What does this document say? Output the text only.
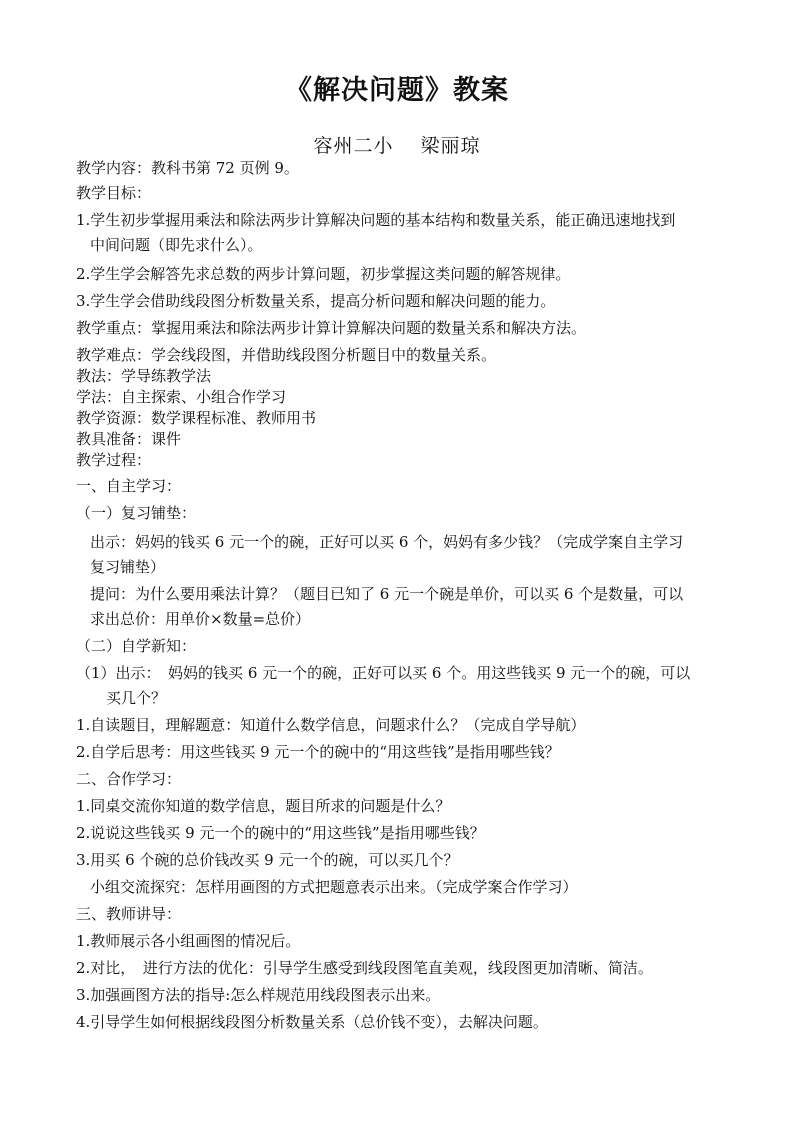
《解决问题》教案
容州二小　 梁丽琼

教学内容：教科书第 72 页例 9。

教学目标：

1.学生初步掌握用乘法和除法两步计算解决问题的基本结构和数量关系，能正确迅速地找到

中间问题（即先求什么）。

2.学生学会解答先求总数的两步计算问题，初步掌握这类问题的解答规律。

3.学生学会借助线段图分析数量关系，提高分析问题和解决问题的能力。

教学重点：掌握用乘法和除法两步计算计算解决问题的数量关系和解决方法。

教学难点：学会线段图，并借助线段图分析题目中的数量关系。

教法：学导练教学法

学法：自主探索、小组合作学习

教学资源：数学课程标准、教师用书

教具准备：课件

教学过程：

一、自主学习：

（一）复习铺垫：

出示：妈妈的钱买 6 元一个的碗，正好可以买 6 个，妈妈有多少钱？（完成学案自主学习

复习铺垫）

提问：为什么要用乘法计算？（题目已知了 6 元一个碗是单价，可以买 6 个是数量，可以

求出总价：用单价×数量=总价）

（二）自学新知：

（1）出示：　妈妈的钱买 6 元一个的碗，正好可以买 6 个。用这些钱买 9 元一个的碗，可以

买几个？

1.自读题目，理解题意：知道什么数学信息，问题求什么？（完成自学导航）

2.自学后思考：用这些钱买 9 元一个的碗中的“用这些钱”是指用哪些钱？

二、合作学习：

1.同桌交流你知道的数学信息，题目所求的问题是什么？

2.说说这些钱买 9 元一个的碗中的“用这些钱”是指用哪些钱？

3.用买 6 个碗的总价钱改买 9 元一个的碗，可以买几个？

小组交流探究：怎样用画图的方式把题意表示出来。（完成学案合作学习）

三、教师讲导：

1.教师展示各小组画图的情况后。

2.对比，　进行方法的优化：引导学生感受到线段图笔直美观，线段图更加清晰、简洁。

3.加强画图方法的指导:怎么样规范用线段图表示出来。

4.引导学生如何根据线段图分析数量关系（总价钱不变），去解决问题。
